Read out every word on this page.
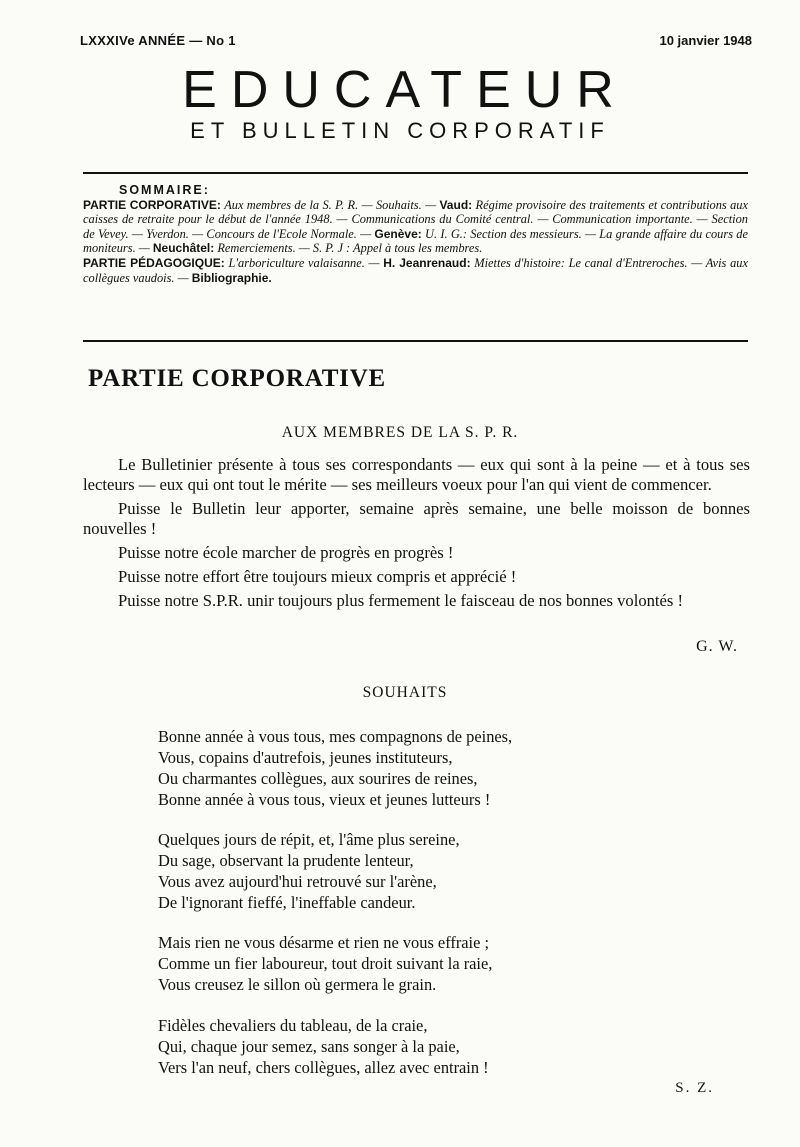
LXXXIVe ANNÉE — No 1	10 janvier 1948
EDUCATEUR
ET BULLETIN CORPORATIF
SOMMAIRE:

PARTIE CORPORATIVE: Aux membres de la S. P. R. — Souhaits. — Vaud: Régime provisoire des traitements et contributions aux caisses de retraite pour le début de l'année 1948. — Communications du Comité central. — Communication importante. — Section de Vevey. — Yverdon. — Concours de l'Ecole Normale. — Genève: U. I. G.: Section des messieurs. — La grande affaire du cours de moniteurs. — Neuchâtel: Remerciements. — S. P. J : Appel à tous les membres.

PARTIE PÉDAGOGIQUE: L'arboriculture valaisanne. — H. Jeanrenaud: Miettes d'histoire: Le canal d'Entreroches. — Avis aux collègues vaudois. — Bibliographie.

PARTIE CORPORATIVE
AUX MEMBRES DE LA S. P. R.

Le Bulletinier présente à tous ses correspondants — eux qui sont à la peine — et à tous ses lecteurs — eux qui ont tout le mérite — ses meilleurs voeux pour l'an qui vient de commencer.

Puisse le Bulletin leur apporter, semaine après semaine, une belle moisson de bonnes nouvelles !

Puisse notre école marcher de progrès en progrès !

Puisse notre effort être toujours mieux compris et apprécié !

Puisse notre S.P.R. unir toujours plus fermement le faisceau de nos bonnes volontés !

G. W.
SOUHAITS
Bonne année à vous tous, mes compagnons de peines,
Vous, copains d'autrefois, jeunes instituteurs,
Ou charmantes collègues, aux sourires de reines,
Bonne année à vous tous, vieux et jeunes lutteurs !
Quelques jours de répit, et, l'âme plus sereine,
Du sage, observant la prudente lenteur,
Vous avez aujourd'hui retrouvé sur l'arène,
De l'ignorant fieffé, l'ineffable candeur.
Mais rien ne vous désarme et rien ne vous effraie ;
Comme un fier laboureur, tout droit suivant la raie,
Vous creusez le sillon où germera le grain.
Fidèles chevaliers du tableau, de la craie,
Qui, chaque jour semez, sans songer à la paie,
Vers l'an neuf, chers collègues, allez avec entrain !
S. Z.
